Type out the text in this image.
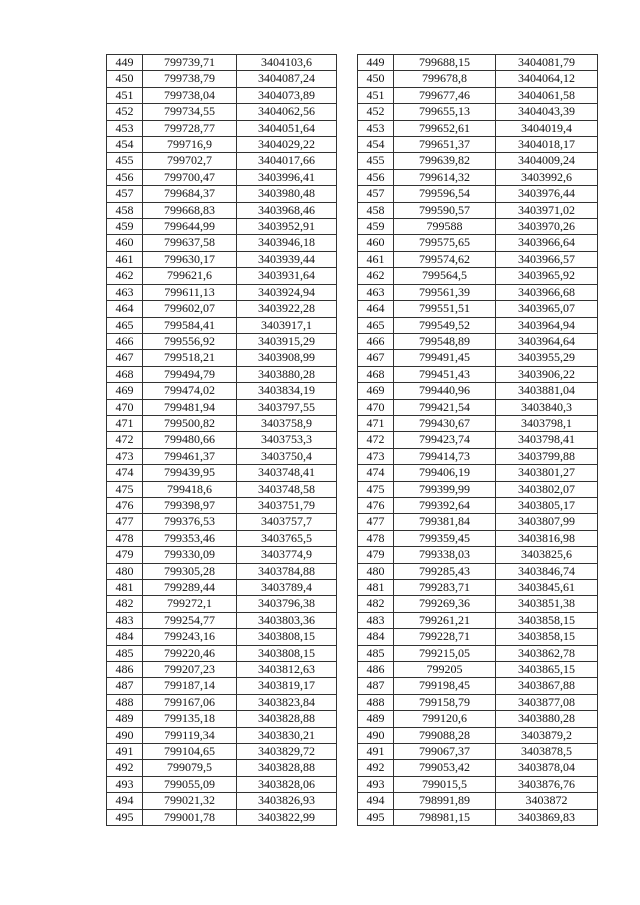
449	799739,71	3404103,6
450	799738,79	3404087,24
451	799738,04	3404073,89
452	799734,55	3404062,56
453	799728,77	3404051,64
454	799716,9	3404029,22
455	799702,7	3404017,66
456	799700,47	3403996,41
457	799684,37	3403980,48
458	799668,83	3403968,46
459	799644,99	3403952,91
460	799637,58	3403946,18
461	799630,17	3403939,44
462	799621,6	3403931,64
463	799611,13	3403924,94
464	799602,07	3403922,28
465	799584,41	3403917,1
466	799556,92	3403915,29
467	799518,21	3403908,99
468	799494,79	3403880,28
469	799474,02	3403834,19
470	799481,94	3403797,55
471	799500,82	3403758,9
472	799480,66	3403753,3
473	799461,37	3403750,4
474	799439,95	3403748,41
475	799418,6	3403748,58
476	799398,97	3403751,79
477	799376,53	3403757,7
478	799353,46	3403765,5
479	799330,09	3403774,9
480	799305,28	3403784,88
481	799289,44	3403789,4
482	799272,1	3403796,38
483	799254,77	3403803,36
484	799243,16	3403808,15
485	799220,46	3403808,15
486	799207,23	3403812,63
487	799187,14	3403819,17
488	799167,06	3403823,84
489	799135,18	3403828,88
490	799119,34	3403830,21
491	799104,65	3403829,72
492	799079,5	3403828,88
493	799055,09	3403828,06
494	799021,32	3403826,93
495	799001,78	3403822,99
449	799688,15	3404081,79
450	799678,8	3404064,12
451	799677,46	3404061,58
452	799655,13	3404043,39
453	799652,61	3404019,4
454	799651,37	3404018,17
455	799639,82	3404009,24
456	799614,32	3403992,6
457	799596,54	3403976,44
458	799590,57	3403971,02
459	799588	3403970,26
460	799575,65	3403966,64
461	799574,62	3403966,57
462	799564,5	3403965,92
463	799561,39	3403966,68
464	799551,51	3403965,07
465	799549,52	3403964,94
466	799548,89	3403964,64
467	799491,45	3403955,29
468	799451,43	3403906,22
469	799440,96	3403881,04
470	799421,54	3403840,3
471	799430,67	3403798,1
472	799423,74	3403798,41
473	799414,73	3403799,88
474	799406,19	3403801,27
475	799399,99	3403802,07
476	799392,64	3403805,17
477	799381,84	3403807,99
478	799359,45	3403816,98
479	799338,03	3403825,6
480	799285,43	3403846,74
481	799283,71	3403845,61
482	799269,36	3403851,38
483	799261,21	3403858,15
484	799228,71	3403858,15
485	799215,05	3403862,78
486	799205	3403865,15
487	799198,45	3403867,88
488	799158,79	3403877,08
489	799120,6	3403880,28
490	799088,28	3403879,2
491	799067,37	3403878,5
492	799053,42	3403878,04
493	799015,5	3403876,76
494	798991,89	3403872
495	798981,15	3403869,83
